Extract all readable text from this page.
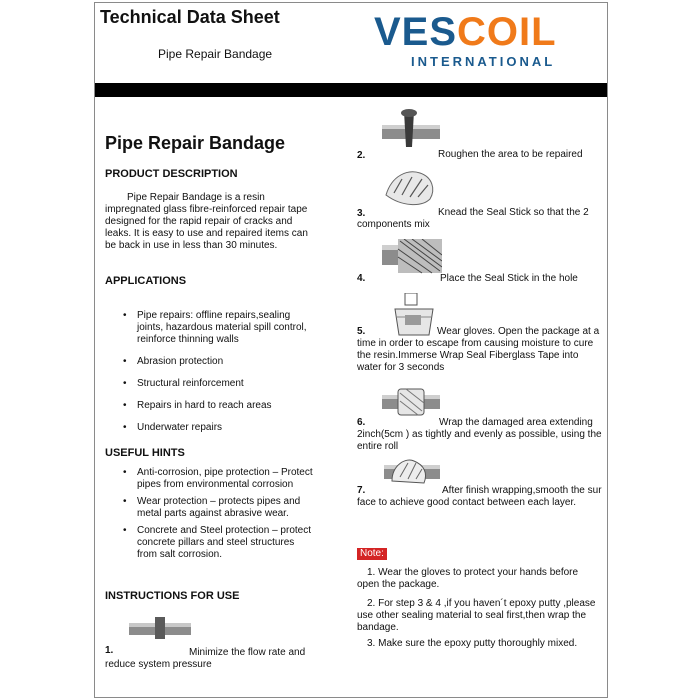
Technical Data Sheet
Pipe Repair Bandage	VESCOIL
INTERNATIONAL
Pipe Repair Bandage
PRODUCT DESCRIPTION
Pipe Repair Bandage is a resin impregnated glass fibre-reinforced repair tape designed for the rapid repair of cracks and leaks. It is easy to use and repaired items can be back in use in less than 30 minutes.
APPLICATIONS
• Pipe repairs: offline repairs,sealing joints, hazardous material spill control, reinforce thinning walls
• Abrasion protection
• Structural reinforcement
• Repairs in hard to reach areas
• Underwater repairs
USEFUL HINTS
• Anti-corrosion, pipe protection – Protect pipes from environmental corrosion
• Wear protection – protects pipes and metal parts against abrasive wear.
• Concrete and Steel protection – protect concrete pillars and steel structures from salt corrosion.
INSTRUCTIONS FOR USE
1.	Minimize the flow rate and reduce system pressure
2.	Roughen the area to be repaired
3.	Knead the Seal Stick so that the 2 components mix
4.	Place the Seal Stick in the hole
5.	Wear gloves. Open the package at a time in order to escape from causing moisture to cure the resin.Immerse Wrap Seal Fiberglass Tape into water for 3 seconds
6.	Wrap the damaged area extending 2inch(5cm ) as tightly and evenly as possible, using the entire roll
7.	After finish wrapping,smooth the sur face to achieve good contact between each layer.
Note:
1. Wear the gloves to protect your hands before open the package.
2. For step 3 & 4 ,if you haven´t epoxy putty ,please use other sealing material to seal first,then wrap the bandage.
3. Make sure the epoxy putty thoroughly mixed.
